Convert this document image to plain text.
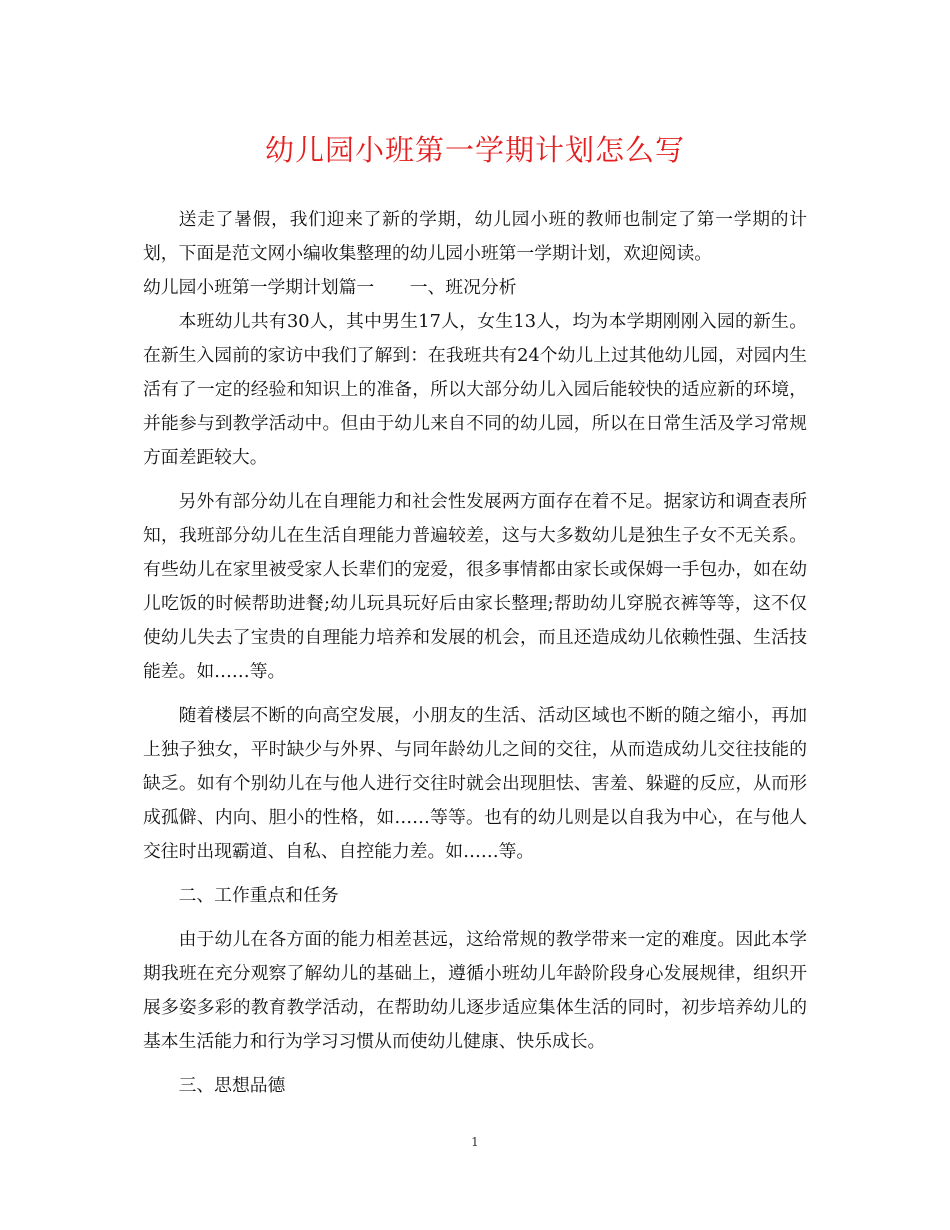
幼儿园小班第一学期计划怎么写

送走了暑假，我们迎来了新的学期，幼儿园小班的教师也制定了第一学期的计划，下面是范文网小编收集整理的幼儿园小班第一学期计划，欢迎阅读。

幼儿园小班第一学期计划篇一　　一、班况分析

本班幼儿共有30人，其中男生17人，女生13人，均为本学期刚刚入园的新生。在新生入园前的家访中我们了解到：在我班共有24个幼儿上过其他幼儿园，对园内生活有了一定的经验和知识上的准备，所以大部分幼儿入园后能较快的适应新的环境，并能参与到教学活动中。但由于幼儿来自不同的幼儿园，所以在日常生活及学习常规方面差距较大。

另外有部分幼儿在自理能力和社会性发展两方面存在着不足。据家访和调查表所知，我班部分幼儿在生活自理能力普遍较差，这与大多数幼儿是独生子女不无关系。有些幼儿在家里被受家人长辈们的宠爱，很多事情都由家长或保姆一手包办，如在幼儿吃饭的时候帮助进餐;幼儿玩具玩好后由家长整理;帮助幼儿穿脱衣裤等等，这不仅使幼儿失去了宝贵的自理能力培养和发展的机会，而且还造成幼儿依赖性强、生活技能差。如……等。

随着楼层不断的向高空发展，小朋友的生活、活动区域也不断的随之缩小，再加上独子独女，平时缺少与外界、与同年龄幼儿之间的交往，从而造成幼儿交往技能的缺乏。如有个别幼儿在与他人进行交往时就会出现胆怯、害羞、躲避的反应，从而形成孤僻、内向、胆小的性格，如……等等。也有的幼儿则是以自我为中心，在与他人交往时出现霸道、自私、自控能力差。如……等。

二、工作重点和任务

由于幼儿在各方面的能力相差甚远，这给常规的教学带来一定的难度。因此本学期我班在充分观察了解幼儿的基础上，遵循小班幼儿年龄阶段身心发展规律，组织开展多姿多彩的教育教学活动，在帮助幼儿逐步适应集体生活的同时，初步培养幼儿的基本生活能力和行为学习习惯从而使幼儿健康、快乐成长。

三、思想品德

1
